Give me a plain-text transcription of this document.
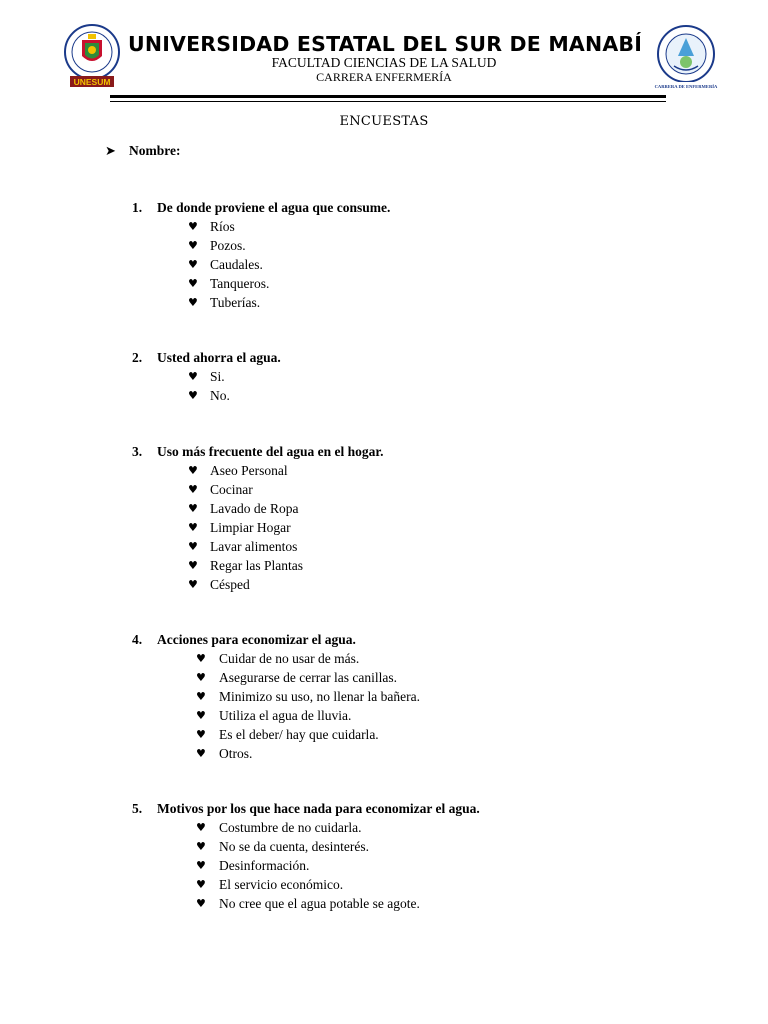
UNESUM	CARRERA DE ENFERMERÍA
UNIVERSIDAD ESTATAL DEL SUR DE MANABÍ
FACULTAD CIENCIAS DE LA SALUD
CARRERA ENFERMERÍA
ENCUESTAS
➤ Nombre:
1. De donde proviene el agua que consume.
♥ Ríos
♥ Pozos.
♥ Caudales.
♥ Tanqueros.
♥ Tuberías.
2. Usted ahorra el agua.
♥ Si.
♥ No.
3. Uso más frecuente del agua en el hogar.
♥ Aseo Personal
♥ Cocinar
♥ Lavado de Ropa
♥ Limpiar Hogar
♥ Lavar alimentos
♥ Regar las Plantas
♥ Césped
4. Acciones para economizar el agua.
♥ Cuidar de no usar de más.
♥ Asegurarse de cerrar las canillas.
♥ Minimizo su uso, no llenar la bañera.
♥ Utiliza el agua de lluvia.
♥ Es el deber/ hay que cuidarla.
♥ Otros.
5. Motivos por los que hace nada para economizar el agua.
♥ Costumbre de no cuidarla.
♥ No se da cuenta, desinterés.
♥ Desinformación.
♥ El servicio económico.
♥ No cree que el agua potable se agote.
